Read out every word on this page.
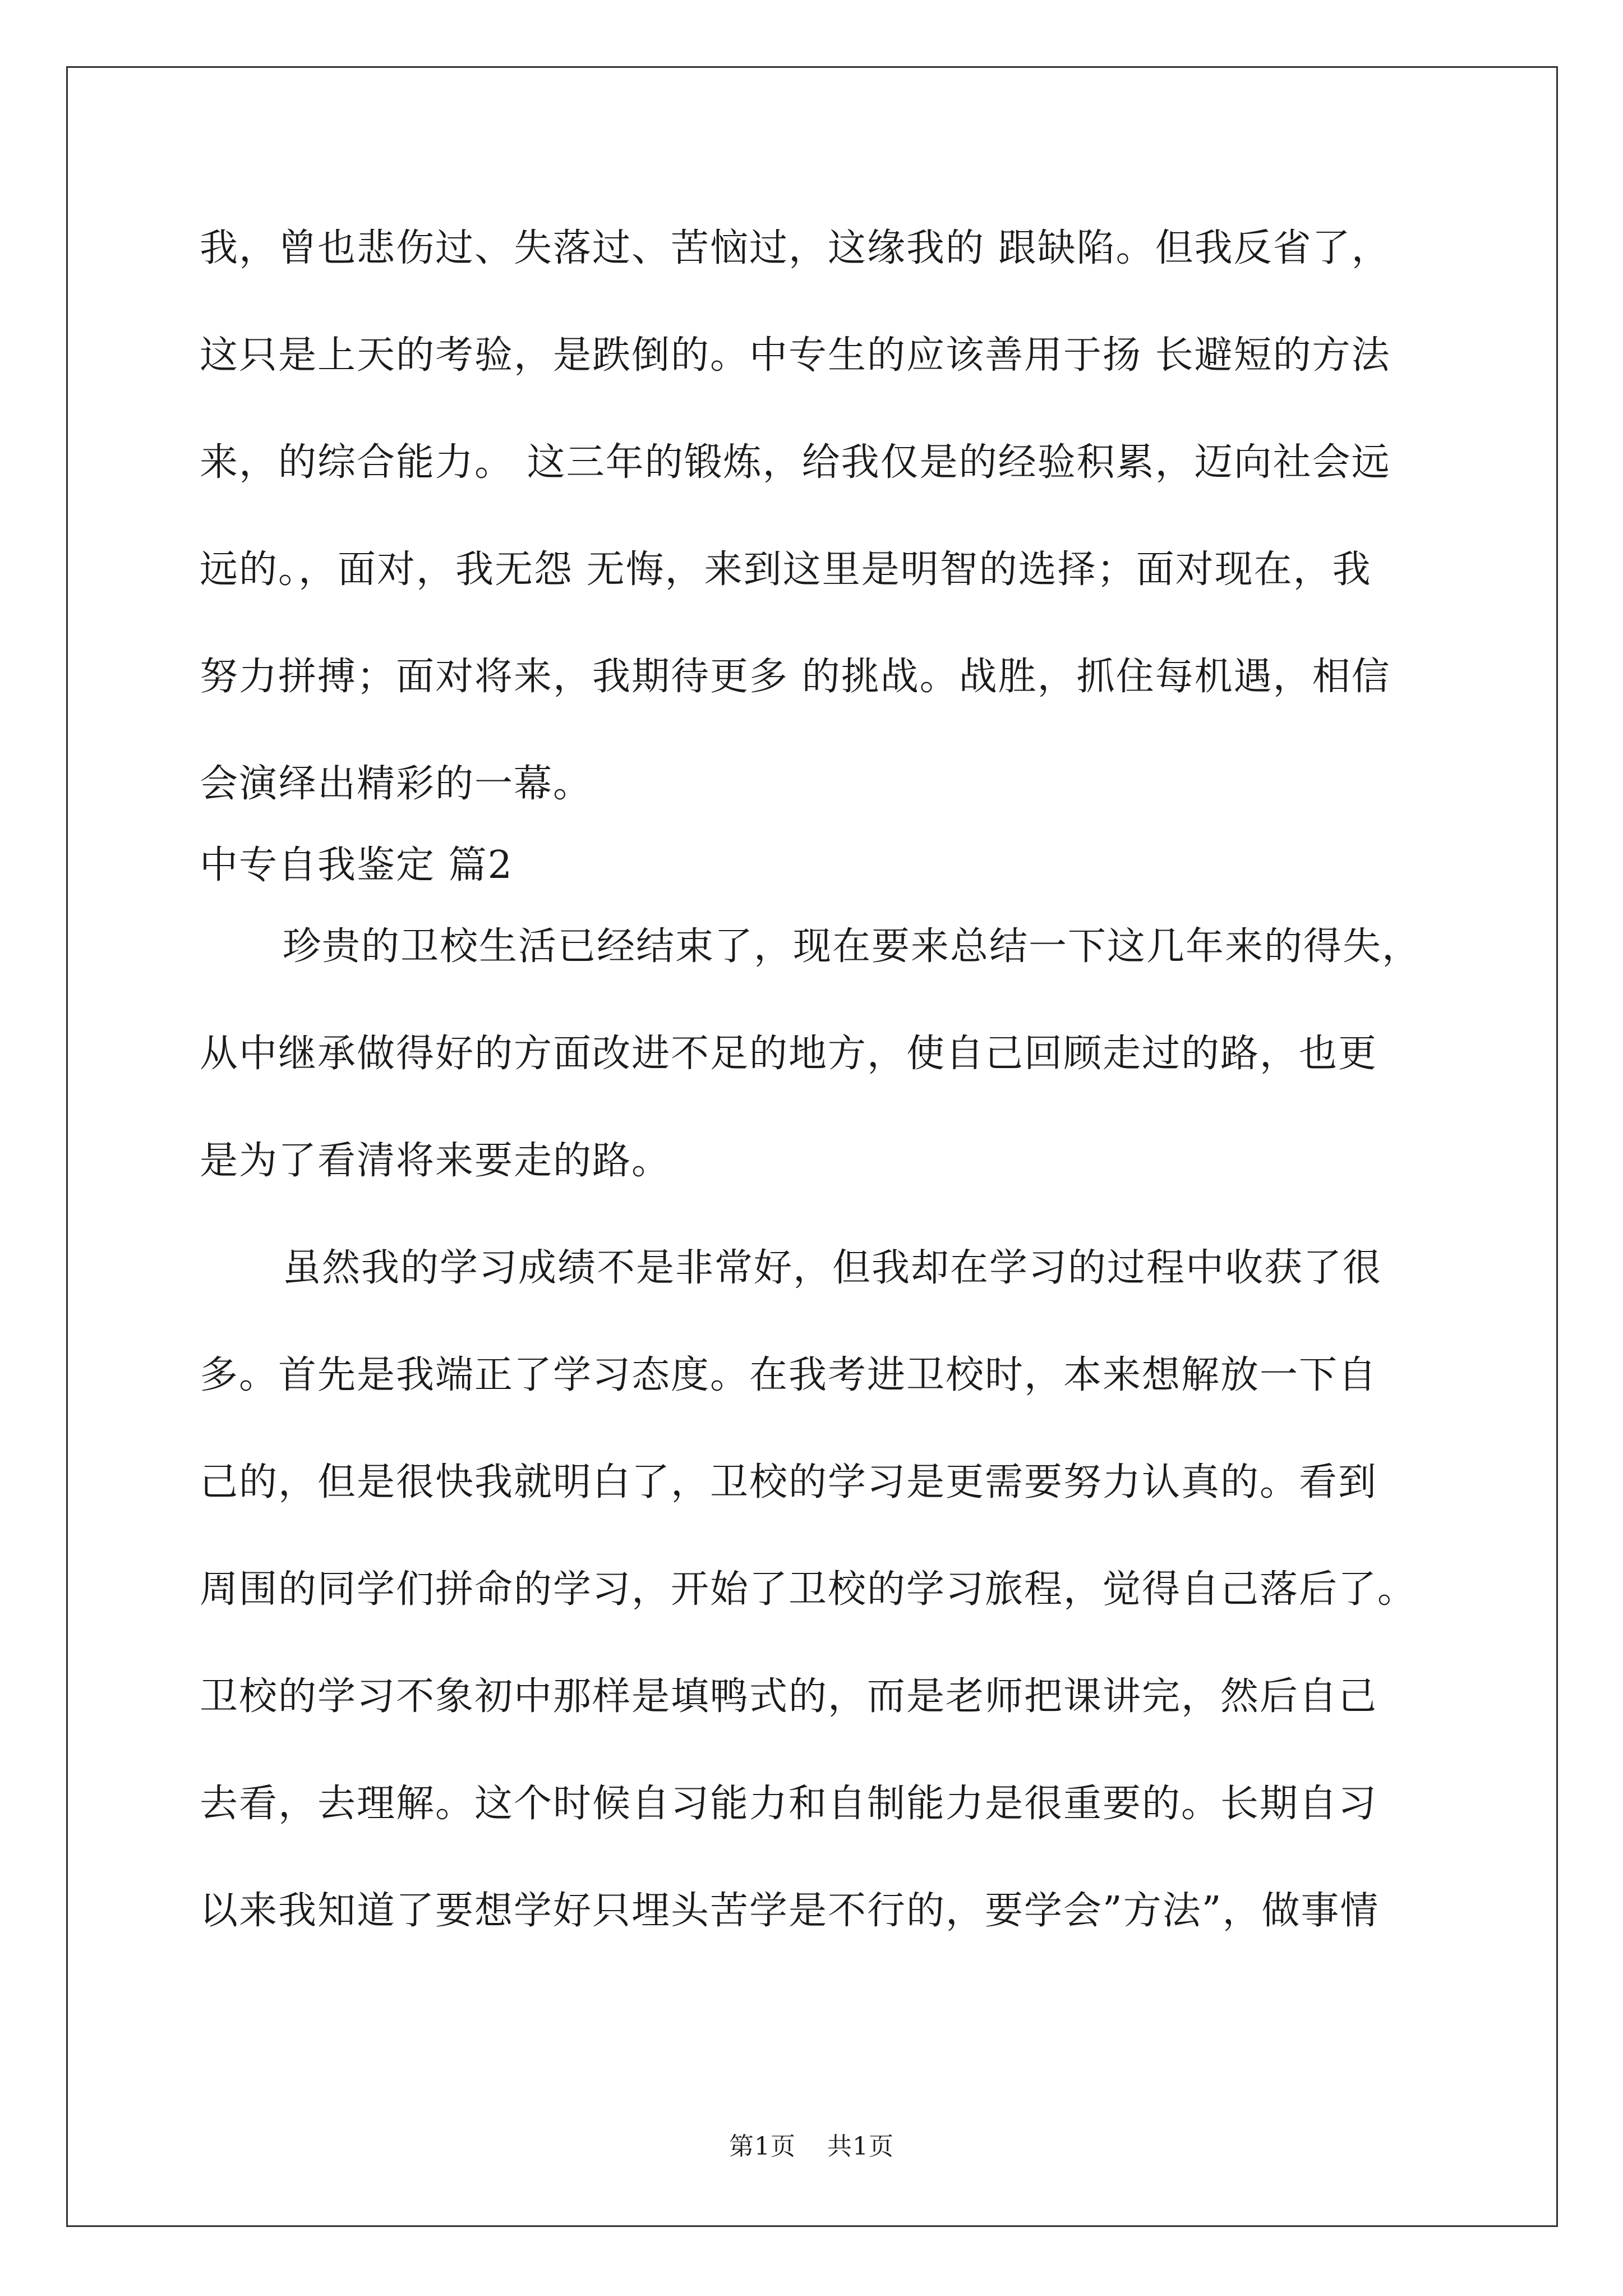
我，曾也悲伤过、失落过、苦恼过，这缘我的 跟缺陷。但我反省了，
这只是上天的考验，是跌倒的。中专生的应该善用于扬 长避短的方法
来，的综合能力。 这三年的锻炼，给我仅是的经验积累，迈向社会远
远的。，面对，我无怨 无悔，来到这里是明智的选择；面对现在，我
努力拼搏；面对将来，我期待更多 的挑战。战胜，抓住每机遇，相信
会演绎出精彩的一幕。
中专自我鉴定 篇2
珍贵的卫校生活已经结束了，现在要来总结一下这几年来的得失，
从中继承做得好的方面改进不足的地方，使自己回顾走过的路，也更
是为了看清将来要走的路。
虽然我的学习成绩不是非常好，但我却在学习的过程中收获了很
多。首先是我端正了学习态度。在我考进卫校时，本来想解放一下自
己的，但是很快我就明白了，卫校的学习是更需要努力认真的。看到
周围的同学们拼命的学习，开始了卫校的学习旅程，觉得自己落后了。
卫校的学习不象初中那样是填鸭式的，而是老师把课讲完，然后自己
去看，去理解。这个时候自习能力和自制能力是很重要的。长期自习
以来我知道了要想学好只埋头苦学是不行的，要学会”方法”，做事情
第1页 共1页
